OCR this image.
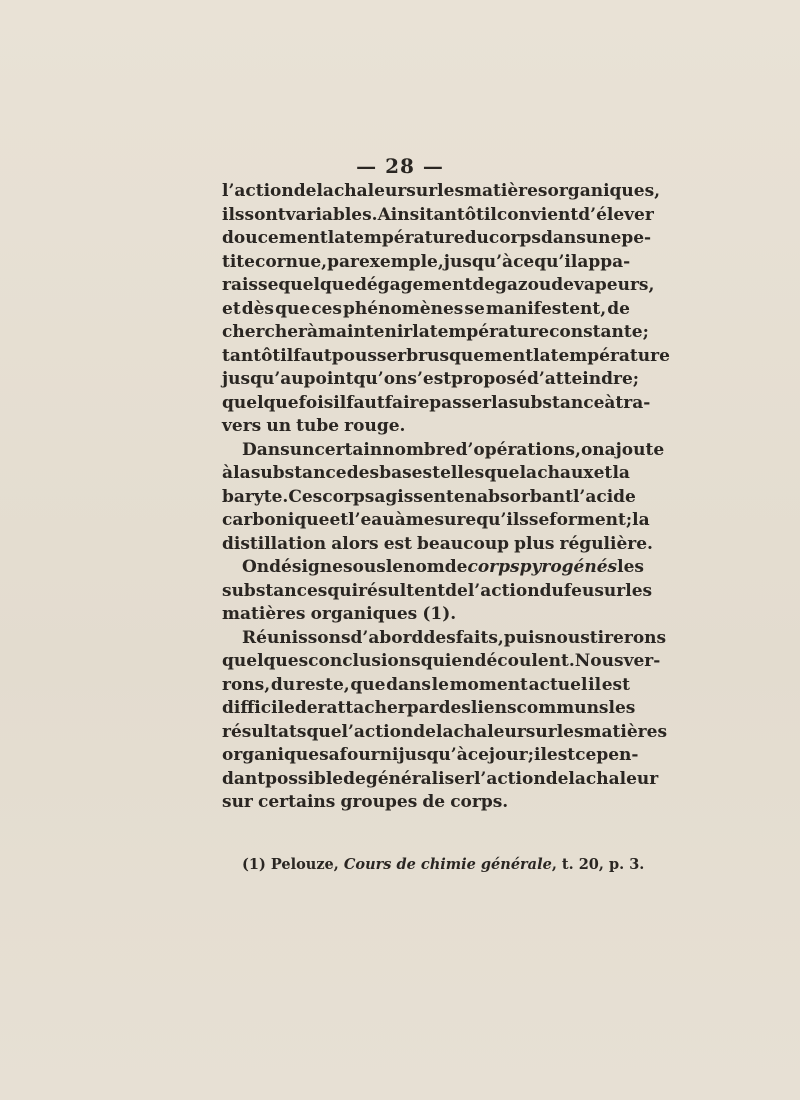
— 28 —
l’action de la chaleur sur les matières organiques,
ils sont variables. Ainsi tantôt il convient d’élever
doucement la température du corps dans une pe-
tite cornue, par exemple, jusqu’à ce qu’il appa-
raisse quelque dégagement de gaz ou de vapeurs,
et dès que ces phénomènes se manifestent, de
chercher à maintenir la température constante;
tantôt il faut pousser brusquement la température
jusqu’au point qu’on s’est proposé d’atteindre;
quelquefois il faut faire passer la substance à tra-
vers un tube rouge.
Dans un certain nombre d’opérations, on ajoute
à la substance des bases telles que la chaux et la
baryte. Ces corps agissent en absorbant l’acide
carbonique et l’eau à mesure qu’ils se forment; la
distillation alors est beaucoup plus régulière.
On désigne sous le nom de corps pyrogénés les
substances qui résultent de l’action du feu sur les
matières organiques (1).
Réunissons d’abord des faits, puis nous tirerons
quelques conclusions qui en découlent. Nous ver-
rons, du reste, que dans le moment actuel il est
difficile de rattacher par des liens communs les
résultats que l’action de la chaleur sur les matières
organiques a fourni jusqu’à ce jour; il est cepen-
dant possible de généraliser l’action de la chaleur
sur certains groupes de corps.
(1) Pelouze, Cours de chimie générale, t. 20, p. 3.
